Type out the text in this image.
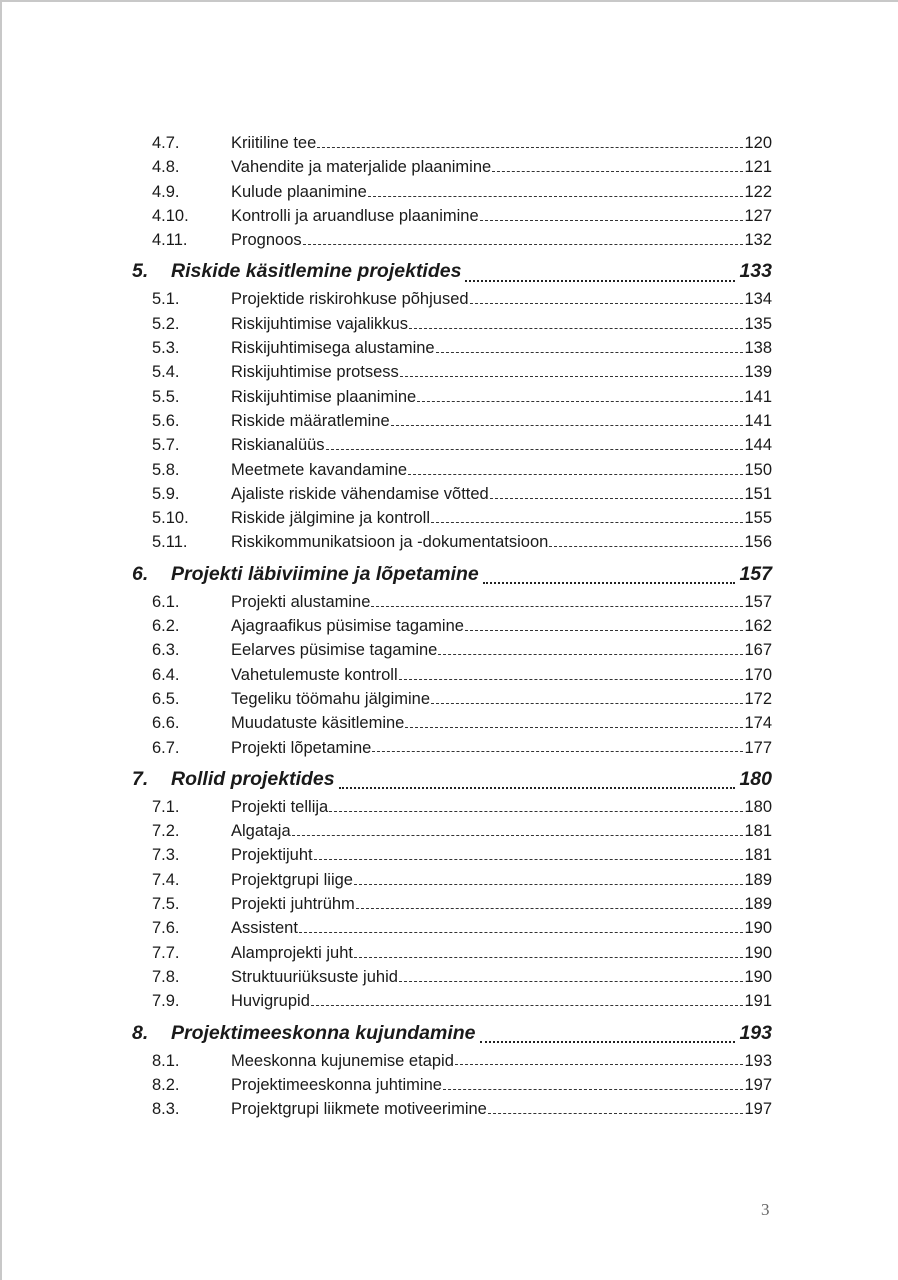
4.7.	Kriitiline tee	120
4.8.	Vahendite ja materjalide plaanimine	121
4.9.	Kulude plaanimine	122
4.10.	Kontrolli ja aruandluse plaanimine	127
4.11.	Prognoos	132
5.	Riskide käsitlemine projektides	133
5.1.	Projektide riskirohkuse põhjused	134
5.2.	Riskijuhtimise vajalikkus	135
5.3.	Riskijuhtimisega alustamine	138
5.4.	Riskijuhtimise protsess	139
5.5.	Riskijuhtimise plaanimine	141
5.6.	Riskide määratlemine	141
5.7.	Riskianalüüs	144
5.8.	Meetmete kavandamine	150
5.9.	Ajaliste riskide vähendamise võtted	151
5.10.	Riskide jälgimine ja kontroll	155
5.11.	Riskikommunikatsioon ja -dokumentatsioon	156
6.	Projekti läbiviimine ja lõpetamine	157
6.1.	Projekti alustamine	157
6.2.	Ajagraafikus püsimise tagamine	162
6.3.	Eelarves püsimise tagamine	167
6.4.	Vahetulemuste kontroll	170
6.5.	Tegeliku töömahu jälgimine	172
6.6.	Muudatuste käsitlemine	174
6.7.	Projekti lõpetamine	177
7.	Rollid projektides	180
7.1.	Projekti tellija	180
7.2.	Algataja	181
7.3.	Projektijuht	181
7.4.	Projektgrupi liige	189
7.5.	Projekti juhtrühm	189
7.6.	Assistent	190
7.7.	Alamprojekti juht	190
7.8.	Struktuuriüksuste juhid	190
7.9.	Huvigrupid	191
8.	Projektimeeskonna kujundamine	193
8.1.	Meeskonna kujunemise etapid	193
8.2.	Projektimeeskonna juhtimine	197
8.3.	Projektgrupi liikmete motiveerimine	197
3
